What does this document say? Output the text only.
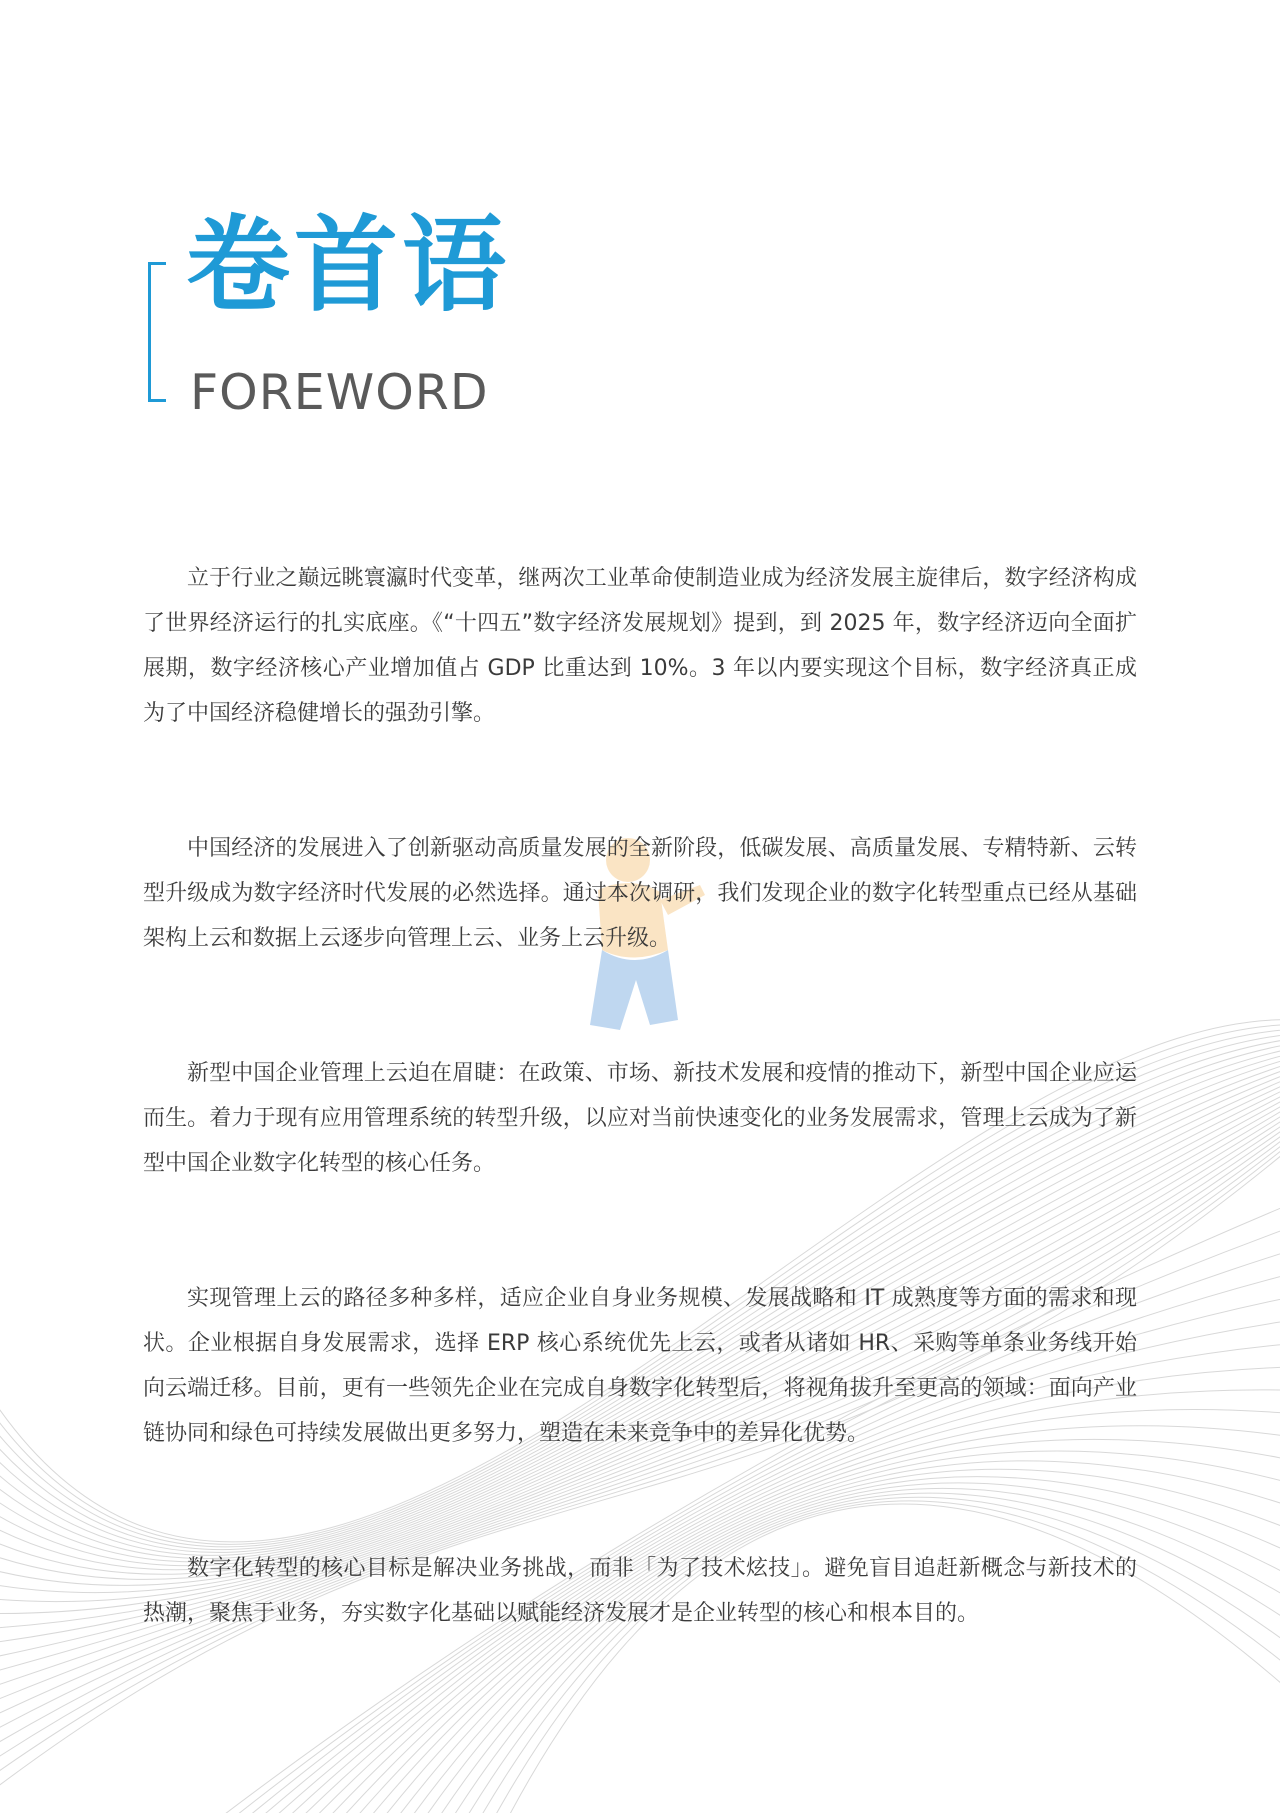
卷首语
FOREWORD

立于行业之巅远眺寰瀛时代变革，继两次工业革命使制造业成为经济发展主旋律后，数字经济构成了世界经济运行的扎实底座。《“十四五”数字经济发展规划》提到，到 2025 年，数字经济迈向全面扩展期，数字经济核心产业增加值占 GDP 比重达到 10%。3 年以内要实现这个目标，数字经济真正成为了中国经济稳健增长的强劲引擎。

中国经济的发展进入了创新驱动高质量发展的全新阶段，低碳发展、高质量发展、专精特新、云转型升级成为数字经济时代发展的必然选择。通过本次调研，我们发现企业的数字化转型重点已经从基础架构上云和数据上云逐步向管理上云、业务上云升级。

新型中国企业管理上云迫在眉睫：在政策、市场、新技术发展和疫情的推动下，新型中国企业应运而生。着力于现有应用管理系统的转型升级，以应对当前快速变化的业务发展需求，管理上云成为了新型中国企业数字化转型的核心任务。

实现管理上云的路径多种多样，适应企业自身业务规模、发展战略和 IT 成熟度等方面的需求和现状。企业根据自身发展需求，选择 ERP 核心系统优先上云，或者从诸如 HR、采购等单条业务线开始向云端迁移。目前，更有一些领先企业在完成自身数字化转型后，将视角拔升至更高的领域：面向产业链协同和绿色可持续发展做出更多努力，塑造在未来竞争中的差异化优势。

数字化转型的核心目标是解决业务挑战，而非「为了技术炫技」。避免盲目追赶新概念与新技术的热潮，聚焦于业务，夯实数字化基础以赋能经济发展才是企业转型的核心和根本目的。
